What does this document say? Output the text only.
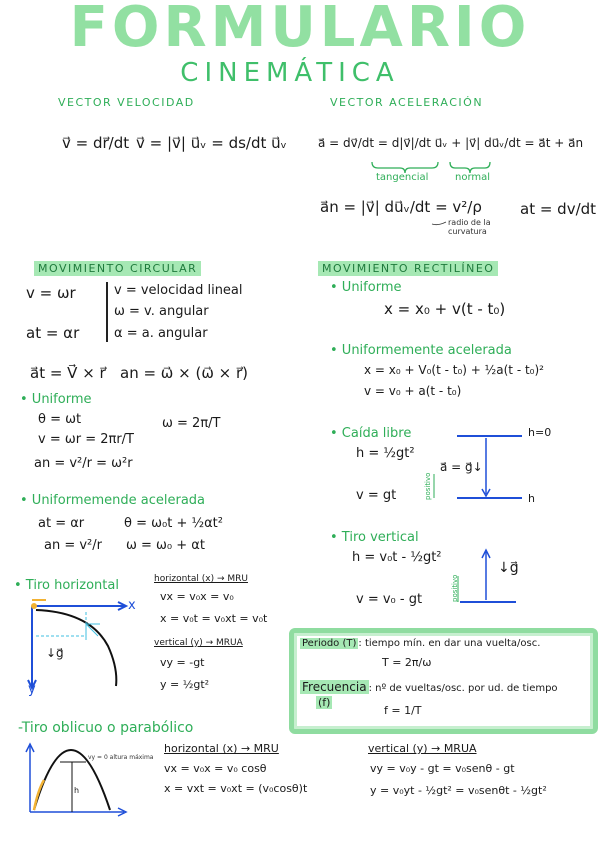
FORMULARIO
CINEMÁTICA
VECTOR VELOCIDAD
v⃗ = dr⃗/dt v⃗ = |v⃗| u⃗ᵥ = ds/dt u⃗ᵥ
VECTOR ACELERACIÓN
a⃗ = dv⃗/dt = d|v⃗|/dt u⃗ᵥ + |v⃗| du⃗ᵥ/dt = a⃗t + a⃗n
tangencial	normal
a⃗n = |v⃗| du⃗ᵥ/dt = v²/ρ
radio de la curvatura
at = dv/dt
MOVIMIENTO CIRCULAR
v = ωr
at = αr
v = velocidad lineal
ω = v. angular
α = a. angular
a⃗t = V⃗ × r⃗ an = ω⃗ × (ω⃗ × r⃗)
• Uniforme
θ = ωt
v = ωr = 2πr/T
an = v²/r = ω²r
ω = 2π/T
• Uniformemende acelerada
at = αr
an = v²/r
θ = ω₀t + ½αt²
ω = ω₀ + αt
MOVIMIENTO RECTILÍNEO
• Uniforme
x = x₀ + v(t - t₀)
• Uniformemente acelerada
x = x₀ + V₀(t - t₀) + ½a(t - t₀)²
v = v₀ + a(t - t₀)
• Caída libre
h = ½gt²
v = gt
a⃗ = g⃗↓
h=0
h
positivo
• Tiro vertical
h = v₀t - ½gt²
v = v₀ - gt
↓g⃗
positivo
• Tiro horizontal
x
y
↓g⃗
horizontal (x) → MRU
vx = v₀x = v₀
x = v₀t = v₀xt = v₀t
vertical (y) → MRUA
vy = -gt
y = ½gt²
Periodo (T) : tiempo mín. en dar una vuelta/osc.
T = 2π/ω
Frecuencia : nº de vueltas/osc. por ud. de tiempo
(f)
f = 1/T
-Tiro oblicuo o parabólico
h
vy = 0 altura máxima
horizontal (x) → MRU
vx = v₀x = v₀ cosθ
x = vxt = v₀xt = (v₀cosθ)t
vertical (y) → MRUA
vy = v₀y - gt = v₀senθ - gt
y = v₀yt - ½gt² = v₀senθt - ½gt²
